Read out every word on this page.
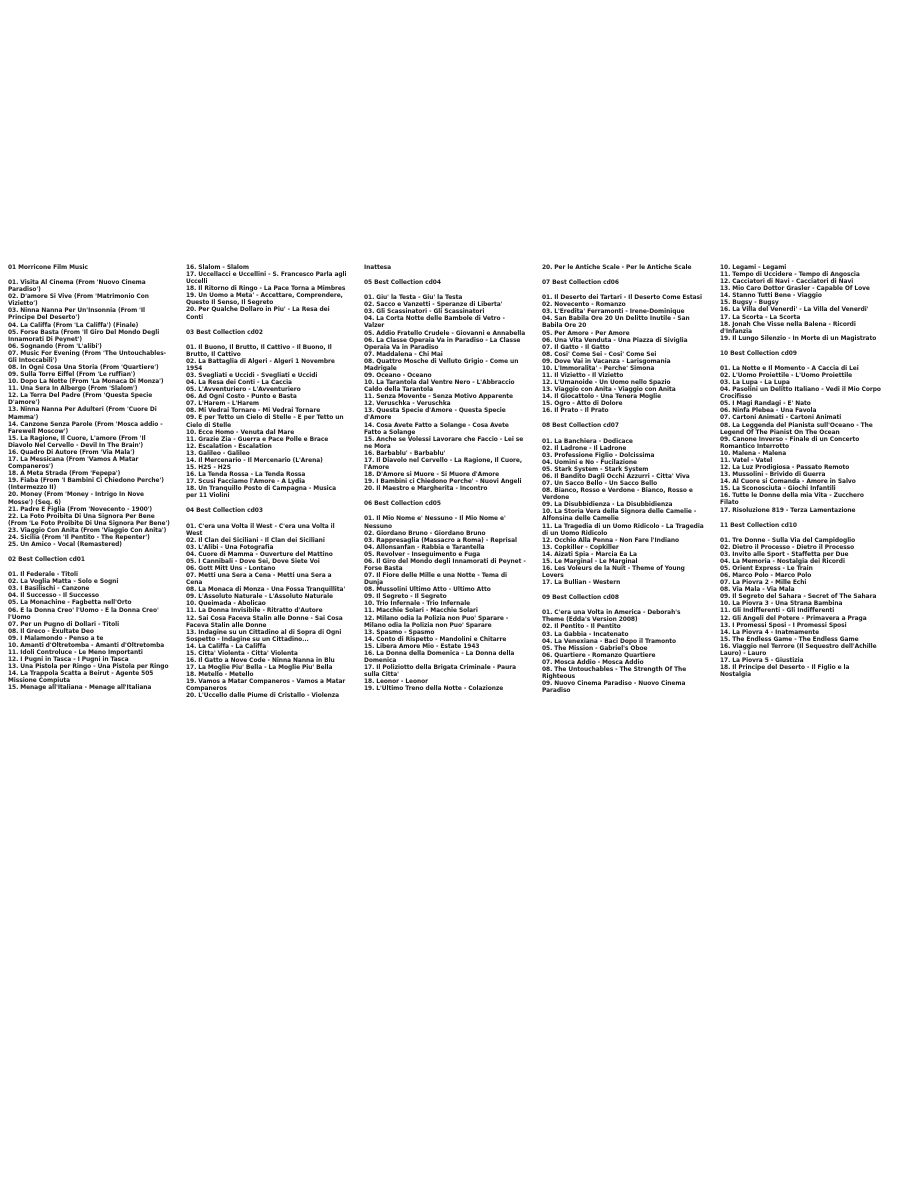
01 Morricone Film Music
01. Visita Al Cinema (From 'Nuovo Cinema Paradiso')
02. D'amore Si Vive (From 'Matrimonio Con Vizietto')
03. Ninna Nanna Per Un'Insonnia (From 'Il Principe Del Deserto')
04. La Califfa (From 'La Califfa') (Finale)
05. Forse Basta (From 'Il Giro Del Mondo Degli Innamorati Di Peynet')
06. Sognando (From 'L'alibi')
07. Music For Evening (From 'The Untouchables- Gli Intoccabili')
08. In Ogni Cosa Una Storia (From 'Quartiere')
09. Sulla Torre Eiffel (From 'Le ruffian')
10. Dopo La Notte (From 'La Monaca Di Monza')
11. Una Sera In Albergo (From 'Slalom')
12. La Terra Del Padre (From 'Questa Specie D'amore')
13. Ninna Nanna Per Adulteri (From 'Cuore Di Mamma')
14. Canzone Senza Parole (From 'Mosca addio - Farewell Moscow')
15. La Ragione, Il Cuore, L'amore (From 'Il Diavolo Nel Cervello - Devil In The Brain')
16. Quadro Di Autore (From 'Via Mala')
17. La Messicana (From 'Vamos A Matar Companeros')
18. A Meta Strada (From 'Fepepa')
19. Fiaba (From 'I Bambini Ci Chiedono Perche')
(Intermezzo II)
20. Money (From 'Money - Intrigo In Nove Mosse') (Seq. 6)
21. Padre E Figlia (From 'Novecento - 1900')
22. La Foto Proibita Di Una Signora Per Bene (From 'Le Foto Proibite Di Una Signora Per Bene')
23. Viaggio Con Anita (From 'Viaggio Con Anita')
24. Sicilia (From 'Il Pentito - The Repenter')
25. Un Amico - Vocal (Remastered)
02 Best Collection cd01
01. Il Federale - Titoli
02. La Voglia Matta - Solo e Sogni
03. I Basilischi - Canzone
04. Il Successo - Il Successo
05. La Monachine - Fagbetta nell'Orto
06. E la Donna Creo' l'Uomo - E la Donna Creo' l'Uomo
07. Per un Pugno di Dollari - Titoli
08. Il Greco - Exultate Deo
09. I Malamondo - Penso a te
10. Amanti d'Oltretomba - Amanti d'Oltretomba
11. Idoli Controluce - Le Meno Importanti
12. I Pugni in Tasca - I Pugni in Tasca
13. Una Pistola per Ringo - Una Pistola per Ringo
14. La Trappola Scatta a Beirut - Agente 505 Missione Compiuta
15. Menage all'Italiana - Menage all'Italiana
16. Slalom - Slalom
17. Uccellacci e Uccellini - S. Francesco Parla agli Uccelli
18. Il Ritorno di Ringo - La Pace Torna a Mimbres
19. Un Uomo a Meta' - Accettare, Comprendere, Questo Il Senso, Il Segreto
20. Per Qualche Dollaro in Piu' - La Resa dei Conti
03 Best Collection cd02
01. Il Buono, Il Brutto, Il Cattivo - Il Buono, Il Brutto, Il Cattivo
02. La Battaglia di Algeri - Algeri 1 Novembre 1954
03. Svegliati e Uccidi - Svegliati e Uccidi
04. La Resa dei Conti - La Caccia
05. L'Avventuriero - L'Avventuriero
06. Ad Ogni Costo - Punto e Basta
07. L'Harem - L'Harem
08. Mi Vedrai Tornare - Mi Vedrai Tornare
09. E per Tetto un Cielo di Stelle - E per Tetto un Cielo di Stelle
10. Ecce Homo - Venuta dal Mare
11. Grazie Zia - Guerra e Pace Polle e Brace
12. Escalation - Escalation
13. Galileo - Galileo
14. Il Mercenario - Il Mercenario (L'Arena)
15. H2S - H2S
16. La Tenda Rossa - La Tenda Rossa
17. Scusi Facciamo l'Amore - A Lydia
18. Un Tranquillo Posto di Campagna - Musica per 11 Violini
04 Best Collection cd03
01. C'era una Volta il West - C'era una Volta il West
02. Il Clan dei Siciliani - Il Clan dei Siciliani
03. L'Alibi - Una Fotografia
04. Cuore di Mamma - Ouverture del Mattino
05. I Cannibali - Dove Sei, Dove Siete Voi
06. Gott Mitt Uns - Lontano
07. Metti una Sera a Cena - Metti una Sera a Cena
08. La Monaca di Monza - Una Fossa Tranquillita'
09. L'Assoluto Naturale - L'Assoluto Naturale
10. Queimada - Abolicao
11. La Donna Invisibile - Ritratto d'Autore
12. Sai Cosa Faceva Stalin alle Donne - Sai Cosa Faceva Stalin alle Donne
13. Indagine su un Cittadino al di Sopra di Ogni Sospetto - Indagine su un Cittadino...
14. La Califfa - La Califfa
15. Citta' Violenta - Citta' Violenta
16. Il Gatto a Nove Code - Ninna Nanna in Blu
17. La Moglie Piu' Bella - La Moglie Piu' Bella
18. Metello - Metello
19. Vamos a Matar Companeros - Vamos a Matar Companeros
20. L'Uccello dalle Piume di Cristallo - Violenza
Inattesa
05 Best Collection cd04
01. Giu' la Testa - Giu' la Testa
02. Sacco e Vanzetti - Speranze di Liberta'
03. Gli Scassinatori - Gli Scassinatori
04. La Corta Notte delle Bambole di Vetro - Valzer
05. Addio Fratello Crudele - Giovanni e Annabella
06. La Classe Operaia Va in Paradiso - La Classe Operaia Va in Paradiso
07. Maddalena - Chi Mai
08. Quattro Mosche di Velluto Grigio - Come un Madrigale
09. Oceano - Oceano
10. La Tarantola dal Ventre Nero - L'Abbraccio Caldo della Tarantola
11. Senza Movente - Senza Motivo Apparente
12. Veruschka - Veruschka
13. Questa Specie d'Amore - Questa Specie d'Amore
14. Cosa Avete Fatto a Solange - Cosa Avete Fatto a Solange
15. Anche se Volessi Lavorare che Faccio - Lei se ne Mora
16. Barbablu' - Barbablu'
17. Il Diavolo nel Cervello - La Ragione, Il Cuore, l'Amore
18. D'Amore si Muore - Si Muore d'Amore
19. I Bambini ci Chiedono Perche' - Nuovi Angeli
20. Il Maestro e Margherita - Incontro
06 Best Collection cd05
01. Il Mio Nome e' Nessuno - Il Mio Nome e' Nessuno
02. Giordano Bruno - Giordano Bruno
03. Rappresaglia (Massacro a Roma) - Reprisal
04. Allonsanfan - Rabbia e Tarantella
05. Revolver - Inseguimento e Fuga
06. Il Giro del Mondo degli Innamorati di Peynet - Forse Basta
07. Il Fiore delle Mille e una Notte - Tema di Dunja
08. Mussolini Ultimo Atto - Ultimo Atto
09. Il Segreto - Il Segreto
10. Trio Infernale - Trio Infernale
11. Macchie Solari - Macchie Solari
12. Milano odia la Polizia non Puo' Sparare - Milano odia la Polizia non Puo' Sparare
13. Spasmo - Spasmo
14. Conto di Rispetto - Mandolini e Chitarre
15. Libera Amore Mio - Estate 1943
16. La Donna della Domenica - La Donna della Domenica
17. Il Poliziotto della Brigata Criminale - Paura sulla Citta'
18. Leonor - Leonor
19. L'Ultimo Treno della Notte - Colazionze
20. Per le Antiche Scale - Per le Antiche Scale
07 Best Collection cd06
01. Il Deserto dei Tartari - Il Deserto Come Estasi
02. Novecento - Romanzo
03. L'Eredita' Ferramonti - Irene-Dominique
04. San Babila Ore 20 Un Delitto Inutile - San Babila Ore 20
05. Per Amore - Per Amore
06. Una Vita Venduta - Una Piazza di Siviglia
07. Il Gatto - Il Gatto
08. Cosi' Come Sei - Cosi' Come Sei
09. Dove Vai in Vacanza - Larisgomania
10. L'Immoralita' - Perche' Simona
11. Il Vizietto - Il Vizietto
12. L'Umanoide - Un Uomo nello Spazio
13. Viaggio con Anita - Viaggio con Anita
14. Il Giocattolo - Una Tenera Moglie
15. Ogro - Atto di Dolore
16. Il Prato - Il Prato
08 Best Collection cd07
01. La Banchiera - Dodicace
02. Il Ladrone - Il Ladrone
03. Professione Figlio - Dolcissima
04. Uomini e No - Fucilazione
05. Stark System - Stark System
06. Il Bandito Dagli Occhi Azzurri - Citta' Viva
07. Un Sacco Bello - Un Sacco Bello
08. Bianco, Rosso e Verdone - Bianco, Rosso e Verdone
09. La Disubbidienza - La Disubbidienza
10. La Storia Vera della Signora delle Camelie - Alfonsina delle Camelie
11. La Tragedia di un Uomo Ridicolo - La Tragedia di un Uomo Ridicolo
12. Occhio Alla Penna - Non Fare l'Indiano
13. Copkiller - Copkiller
14. Aizati Spia - Marcia Ea La
15. Le Marginal - Le Marginal
16. Les Voleurs de la Nuit - Theme of Young Lovers
17. La Bullian - Western
09 Best Collection cd08
01. C'era una Volta in America - Deborah's Theme (Edda's Version 2008)
02. Il Pentito - Il Pentito
03. La Gabbia - Incatenato
04. La Venexiana - Baci Dopo il Tramonto
05. The Mission - Gabriel's Oboe
06. Quartiere - Romanzo Quartiere
07. Mosca Addio - Mosca Addio
08. The Untouchables - The Strength Of The Righteous
09. Nuovo Cinema Paradiso - Nuovo Cinema Paradiso
10. Legami - Legami
11. Tempo di Uccidere - Tempo di Angoscia
12. Cacciatori di Navi - Cacciatori di Navi
13. Mio Caro Dottor Grasler - Capable Of Love
14. Stanno Tutti Bene - Viaggio
15. Bugsy - Bugsy
16. La Villa del Venerdi' - La Villa del Venerdi'
17. La Scorta - La Scorta
18. Jonah Che Visse nella Balena - Ricordi d'Infanzia
19. Il Lungo Silenzio - In Morte di un Magistrato
10 Best Collection cd09
01. La Notte e Il Momento - A Caccia di Lei
02. L'Uomo Proiettile - L'Uomo Proiettile
03. La Lupa - La Lupa
04. Pasolini un Delitto Italiano - Vedi il Mio Corpo Crocifisso
05. I Magi Randagi - E' Nato
06. Ninfa Plebea - Una Favola
07. Cartoni Animati - Cartoni Animati
08. La Leggenda del Pianista sull'Oceano - The Legend Of The Pianist On The Ocean
09. Canone Inverso - Finale di un Concerto Romantico Interrotto
10. Malena - Malena
11. Vatel - Vatel
12. La Luz Prodigiosa - Passato Remoto
13. Mussolini - Brivido di Guerra
14. Al Cuore si Comanda - Amore in Salvo
15. La Sconosciuta - Giochi Infantili
16. Tutte le Donne della mia Vita - Zucchero Filato
17. Risoluzione 819 - Terza Lamentazione
11 Best Collection cd10
01. Tre Donne - Sulla Via del Campidoglio
02. Dietro il Processo - Dietro il Processo
03. Invito alle Sport - Staffetta per Due
04. La Memoria - Nostalgia dei Ricordi
05. Orient Express - Le Train
06. Marco Polo - Marco Polo
07. La Piovra 2 - Mille Echi
08. Via Mala - Via Mala
09. Il Segreto del Sahara - Secret of The Sahara
10. La Piovra 3 - Una Strana Bambina
11. Gli Indifferenti - Gli Indifferenti
12. Gli Angeli del Potere - Primavera a Praga
13. I Promessi Sposi - I Promessi Sposi
14. La Piovra 4 - Inatmamente
15. The Endless Game - The Endless Game
16. Viaggio nel Terrore (Il Sequestro dell'Achille Lauro) - Lauro
17. La Piovra 5 - Giustizia
18. Il Principe del Deserto - Il Figlio e la Nostalgia
